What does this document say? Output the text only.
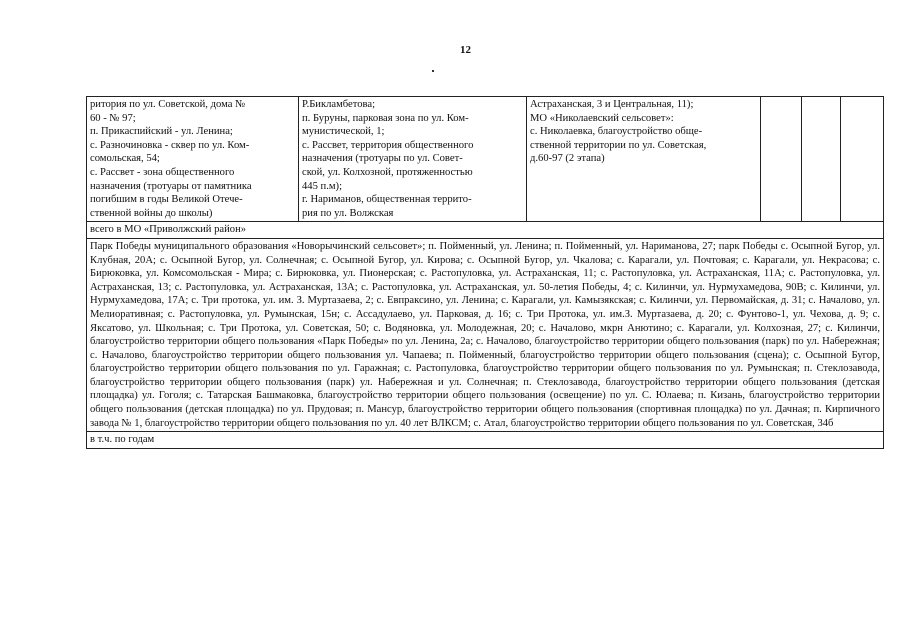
12
ритория по ул. Советской, дома №
60 - № 97;
п. Прикаспийский - ул. Ленина;
с. Разночиновка - сквер по ул. Ком-
сомольская, 54;
с. Рассвет - зона общественного
назначения (тротуары от памятника
погибшим в годы Великой Отече-
ственной войны до школы)	Р.Бикламбетова;
п. Буруны, парковая зона по ул. Ком-
мунистической, 1;
с. Рассвет, территория общественного
назначения (тротуары по ул. Совет-
ской, ул. Колхозной, протяженностью
445 п.м);
г. Нариманов, общественная террито-
рия по ул. Волжская	Астраханская, 3 и Центральная, 11);
МО «Николаевский сельсовет»:
с. Николаевка, благоустройство обще-
ственной территории по ул. Советская,
д.60-97 (2 этапа)			
всего в МО «Приволжский район»
Парк Победы муниципального образования «Новорычинский сельсовет»; п. Пойменный, ул. Ленина; п. Пойменный, ул. Наримановa, 27; парк Победы с. Осыпной Бугор, ул. Клубная, 20А; с. Осыпной Бугор, ул. Солнечная; с. Осыпной Бугор, ул. Кирова; с. Осыпной Бугор, ул. Чкалова; с. Карагали, ул. Почтовая; с. Карагали, ул. Некрасова; с. Бирюковка, ул. Комсомольская - Мира; с. Бирюковка, ул. Пионерская; с. Растопуловка, ул. Астраханская, 11; с. Растопуловка, ул. Астраханская, 11А; с. Растопуловка, ул. Астраханская, 13; с. Растопуловка, ул. Астраханская, 13А; с. Растопуловка, ул. Астраханская, ул. 50-летия Победы, 4; с. Килинчи, ул. Нурмухамедова, 90В; с. Килинчи, ул. Нурмухамедова, 17А; с. Три протока, ул. им. З. Муртазаева, 2; с. Евпраксино, ул. Ленина; с. Карагали, ул. Камызякская; с. Килинчи, ул. Первомайская, д. 31; с. Началово, ул. Мелиоративная; с. Растопуловка, ул. Румынская, 15н; с. Ассадулаево, ул. Парковая, д. 16; с. Три Протока, ул. им.З. Муртазаева, д. 20; с. Фунтово-1, ул. Чехова, д. 9; с. Яксатово, ул. Школьная; с. Три Протока, ул. Советская, 50; с. Водяновка, ул. Молодежная, 20; с. Началово, мкрн Анютино; с. Карагали, ул. Колхозная, 27; с. Килинчи, благоустройство территории общего пользования «Парк Победы» по ул. Ленина, 2а; с. Началово, благоустройство территории общего пользования (парк) по ул. Набережная; с. Началово, благоустройство территории общего пользования ул. Чапаева; п. Пойменный, благоустройство территории общего пользования (сцена); с. Осыпной Бугор, благоустройство территории общего пользования по ул. Гаражная; с. Растопуловка, благоустройство территории общего пользования по ул. Румынская; п. Стеклозавода, благоустройство территории общего пользования (парк) ул. Набережная и ул. Солнечная; п. Стеклозавода, благоустройство территории общего пользования (детская площадка) ул. Гоголя; с. Татарская Башмаковка, благоустройство территории общего пользования (освещение) по ул. С. Юлаева; п. Кизань, благоустройство территории общего пользования (детская площадка) по ул. Прудовая; п. Мансур, благоустройство территории общего пользования (спортивная площадка) по ул. Дачная; п. Кирпичного завода № 1, благоустройство территории общего пользования по ул. 40 лет ВЛКСМ; с. Атал, благоустройство территории общего пользования по ул. Советская, 34б
в т.ч. по годам
